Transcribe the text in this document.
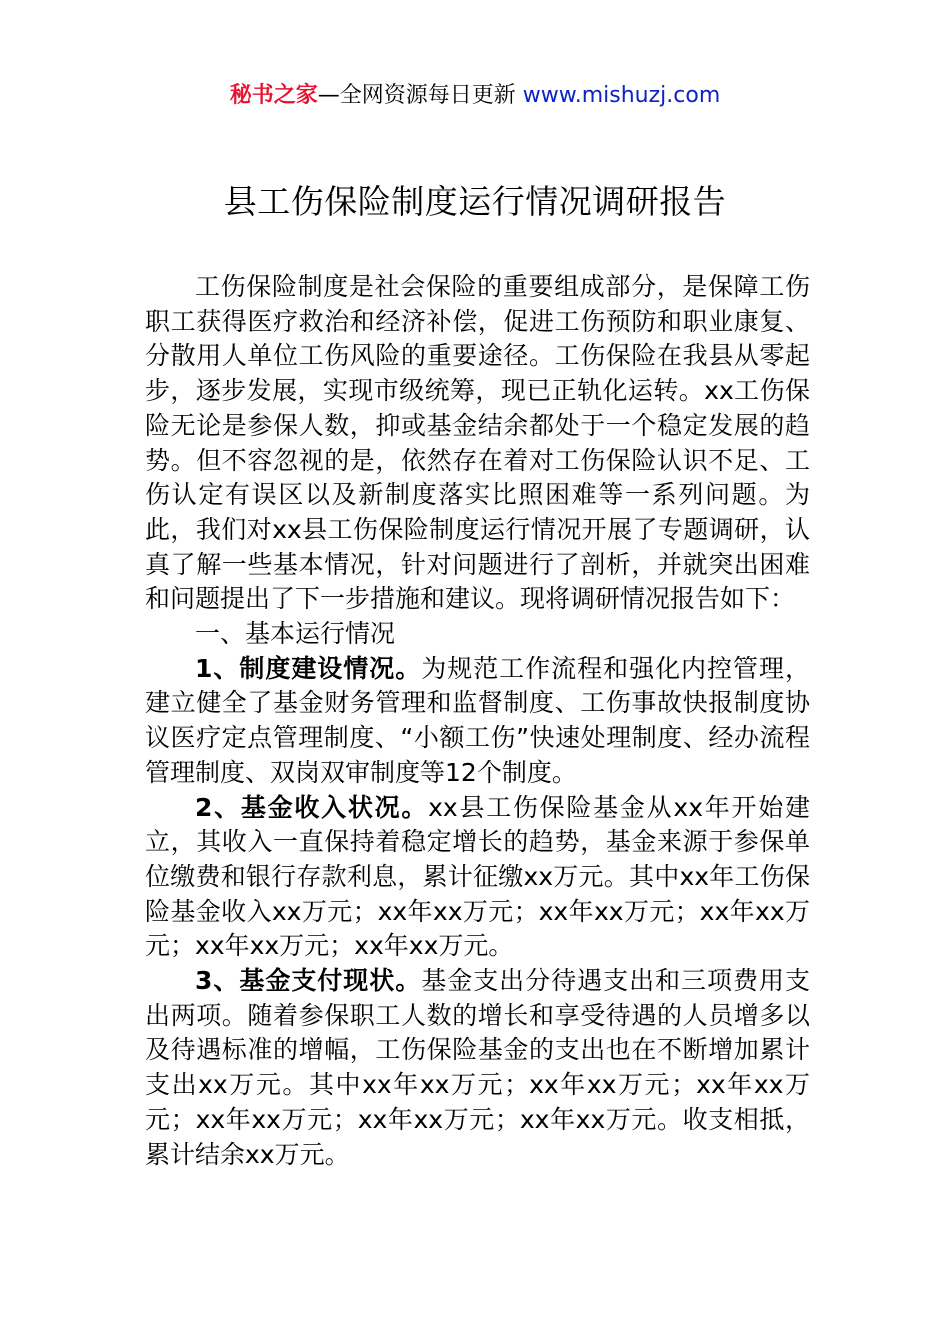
秘书之家—全网资源每日更新 www.mishuzj.com
县工伤保险制度运行情况调研报告

工伤保险制度是社会保险的重要组成部分，是保障工伤职工获得医疗救治和经济补偿，促进工伤预防和职业康复、分散用人单位工伤风险的重要途径。工伤保险在我县从零起步，逐步发展，实现市级统筹，现已正轨化运转。xx工伤保险无论是参保人数，抑或基金结余都处于一个稳定发展的趋势。但不容忽视的是，依然存在着对工伤保险认识不足、工伤认定有误区以及新制度落实比照困难等一系列问题。为此，我们对xx县工伤保险制度运行情况开展了专题调研，认真了解一些基本情况，针对问题进行了剖析，并就突出困难和问题提出了下一步措施和建议。现将调研情况报告如下：

一、基本运行情况

1、制度建设情况。为规范工作流程和强化内控管理，建立健全了基金财务管理和监督制度、工伤事故快报制度协议医疗定点管理制度、“小额工伤”快速处理制度、经办流程管理制度、双岗双审制度等12个制度。

2、基金收入状况。xx县工伤保险基金从xx年开始建立，其收入一直保持着稳定增长的趋势，基金来源于参保单位缴费和银行存款利息，累计征缴xx万元。其中xx年工伤保险基金收入xx万元；xx年xx万元；xx年xx万元；xx年xx万元；xx年xx万元；xx年xx万元。

3、基金支付现状。基金支出分待遇支出和三项费用支出两项。随着参保职工人数的增长和享受待遇的人员增多以及待遇标准的增幅，工伤保险基金的支出也在不断增加累计支出xx万元。其中xx年xx万元；xx年xx万元；xx年xx万元；xx年xx万元；xx年xx万元；xx年xx万元。收支相抵，累计结余xx万元。
